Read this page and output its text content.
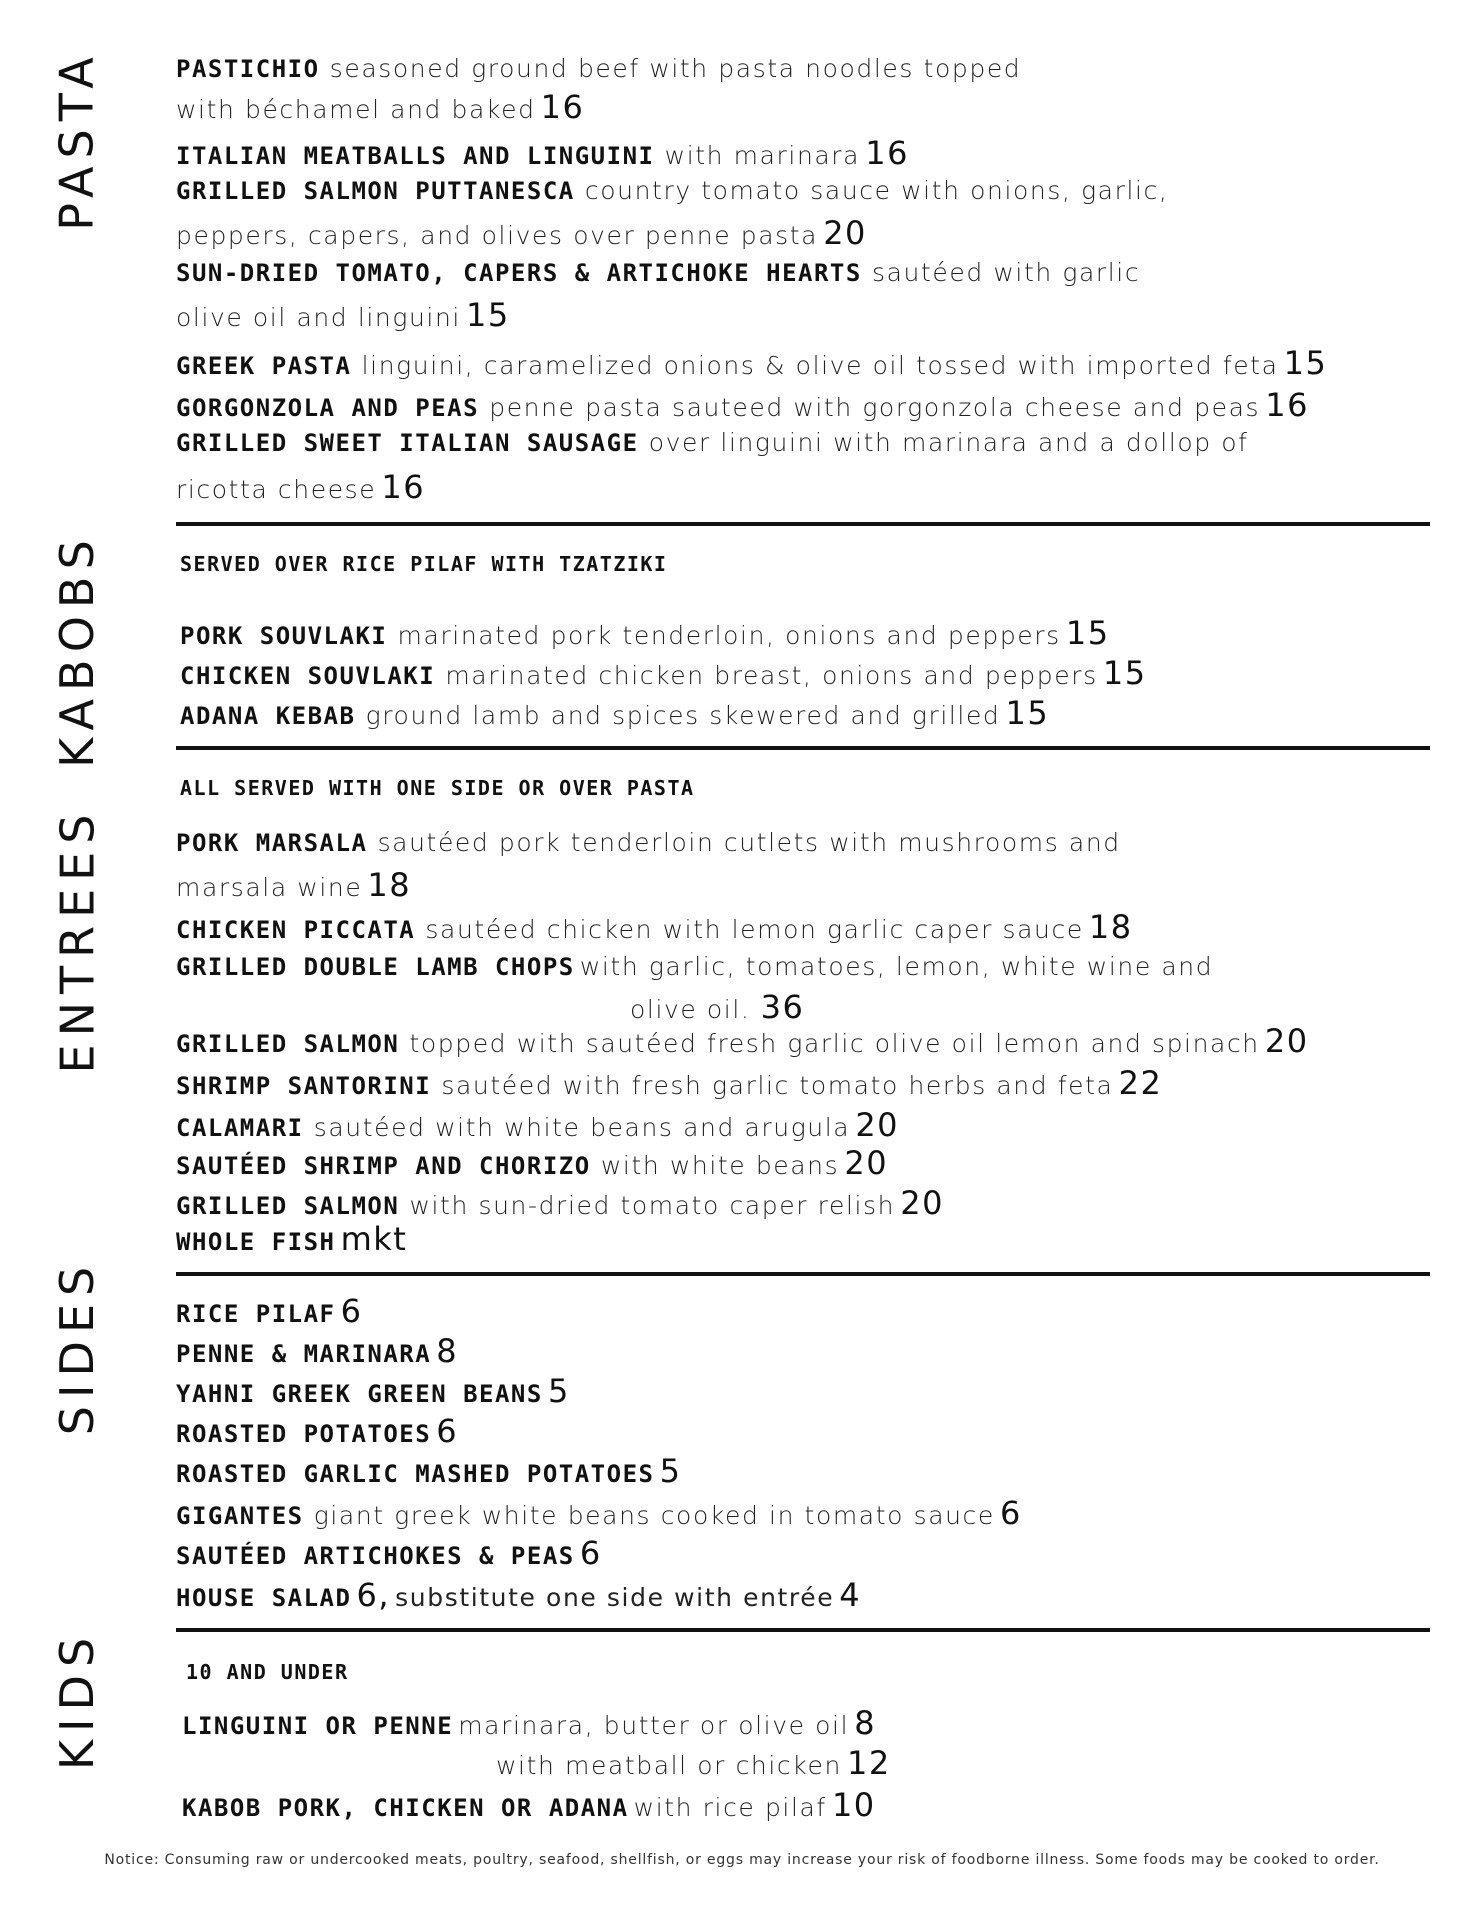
PASTA	PASTICHIO seasoned ground beef with pasta noodles topped
with béchamel and baked 16
ITALIAN MEATBALLS AND LINGUINI with marinara 16
GRILLED SALMON PUTTANESCA country tomato sauce with onions, garlic,
peppers, capers, and olives over penne pasta 20
SUN-DRIED TOMATO, CAPERS & ARTICHOKE HEARTS sautéed with garlic
olive oil and linguini 15
GREEK PASTA linguini, caramelized onions & olive oil tossed with imported feta 15
GORGONZOLA AND PEAS penne pasta sauteed with gorgonzola cheese and peas 16
GRILLED SWEET ITALIAN SAUSAGE over linguini with marinara and a dollop of
ricotta cheese 16
KABOBS	SERVED OVER RICE PILAF WITH TZATZIKI
PORK SOUVLAKI marinated pork tenderloin, onions and peppers 15
CHICKEN SOUVLAKI marinated chicken breast, onions and peppers 15
ADANA KEBAB ground lamb and spices skewered and grilled 15
ENTREES
ALL SERVED WITH ONE SIDE OR OVER PASTA
PORK MARSALA sautéed pork tenderloin cutlets with mushrooms and
marsala wine 18
CHICKEN PICCATA sautéed chicken with lemon garlic caper sauce 18
GRILLED DOUBLE LAMB CHOPS with garlic, tomatoes, lemon, white wine and
olive oil. 36
GRILLED SALMON topped with sautéed fresh garlic olive oil lemon and spinach 20
SHRIMP SANTORINI sautéed with fresh garlic tomato herbs and feta 22
CALAMARI sautéed with white beans and arugula 20
SAUTÉED SHRIMP AND CHORIZO with white beans 20
GRILLED SALMON with sun-dried tomato caper relish 20
WHOLE FISH mkt
SIDES	RICE PILAF 6
PENNE & MARINARA 8
YAHNI GREEK GREEN BEANS 5
ROASTED POTATOES 6
ROASTED GARLIC MASHED POTATOES 5
GIGANTES giant greek white beans cooked in tomato sauce 6
SAUTÉED ARTICHOKES & PEAS 6
HOUSE SALAD 6, substitute one side with entrée 4
KIDS	10 AND UNDER
LINGUINI OR PENNE marinara, butter or olive oil 8
with meatball or chicken 12
KABOB PORK, CHICKEN OR ADANA with rice pilaf 10
Notice: Consuming raw or undercooked meats, poultry, seafood, shellfish, or eggs may increase your risk of foodborne illness. Some foods may be cooked to order.
